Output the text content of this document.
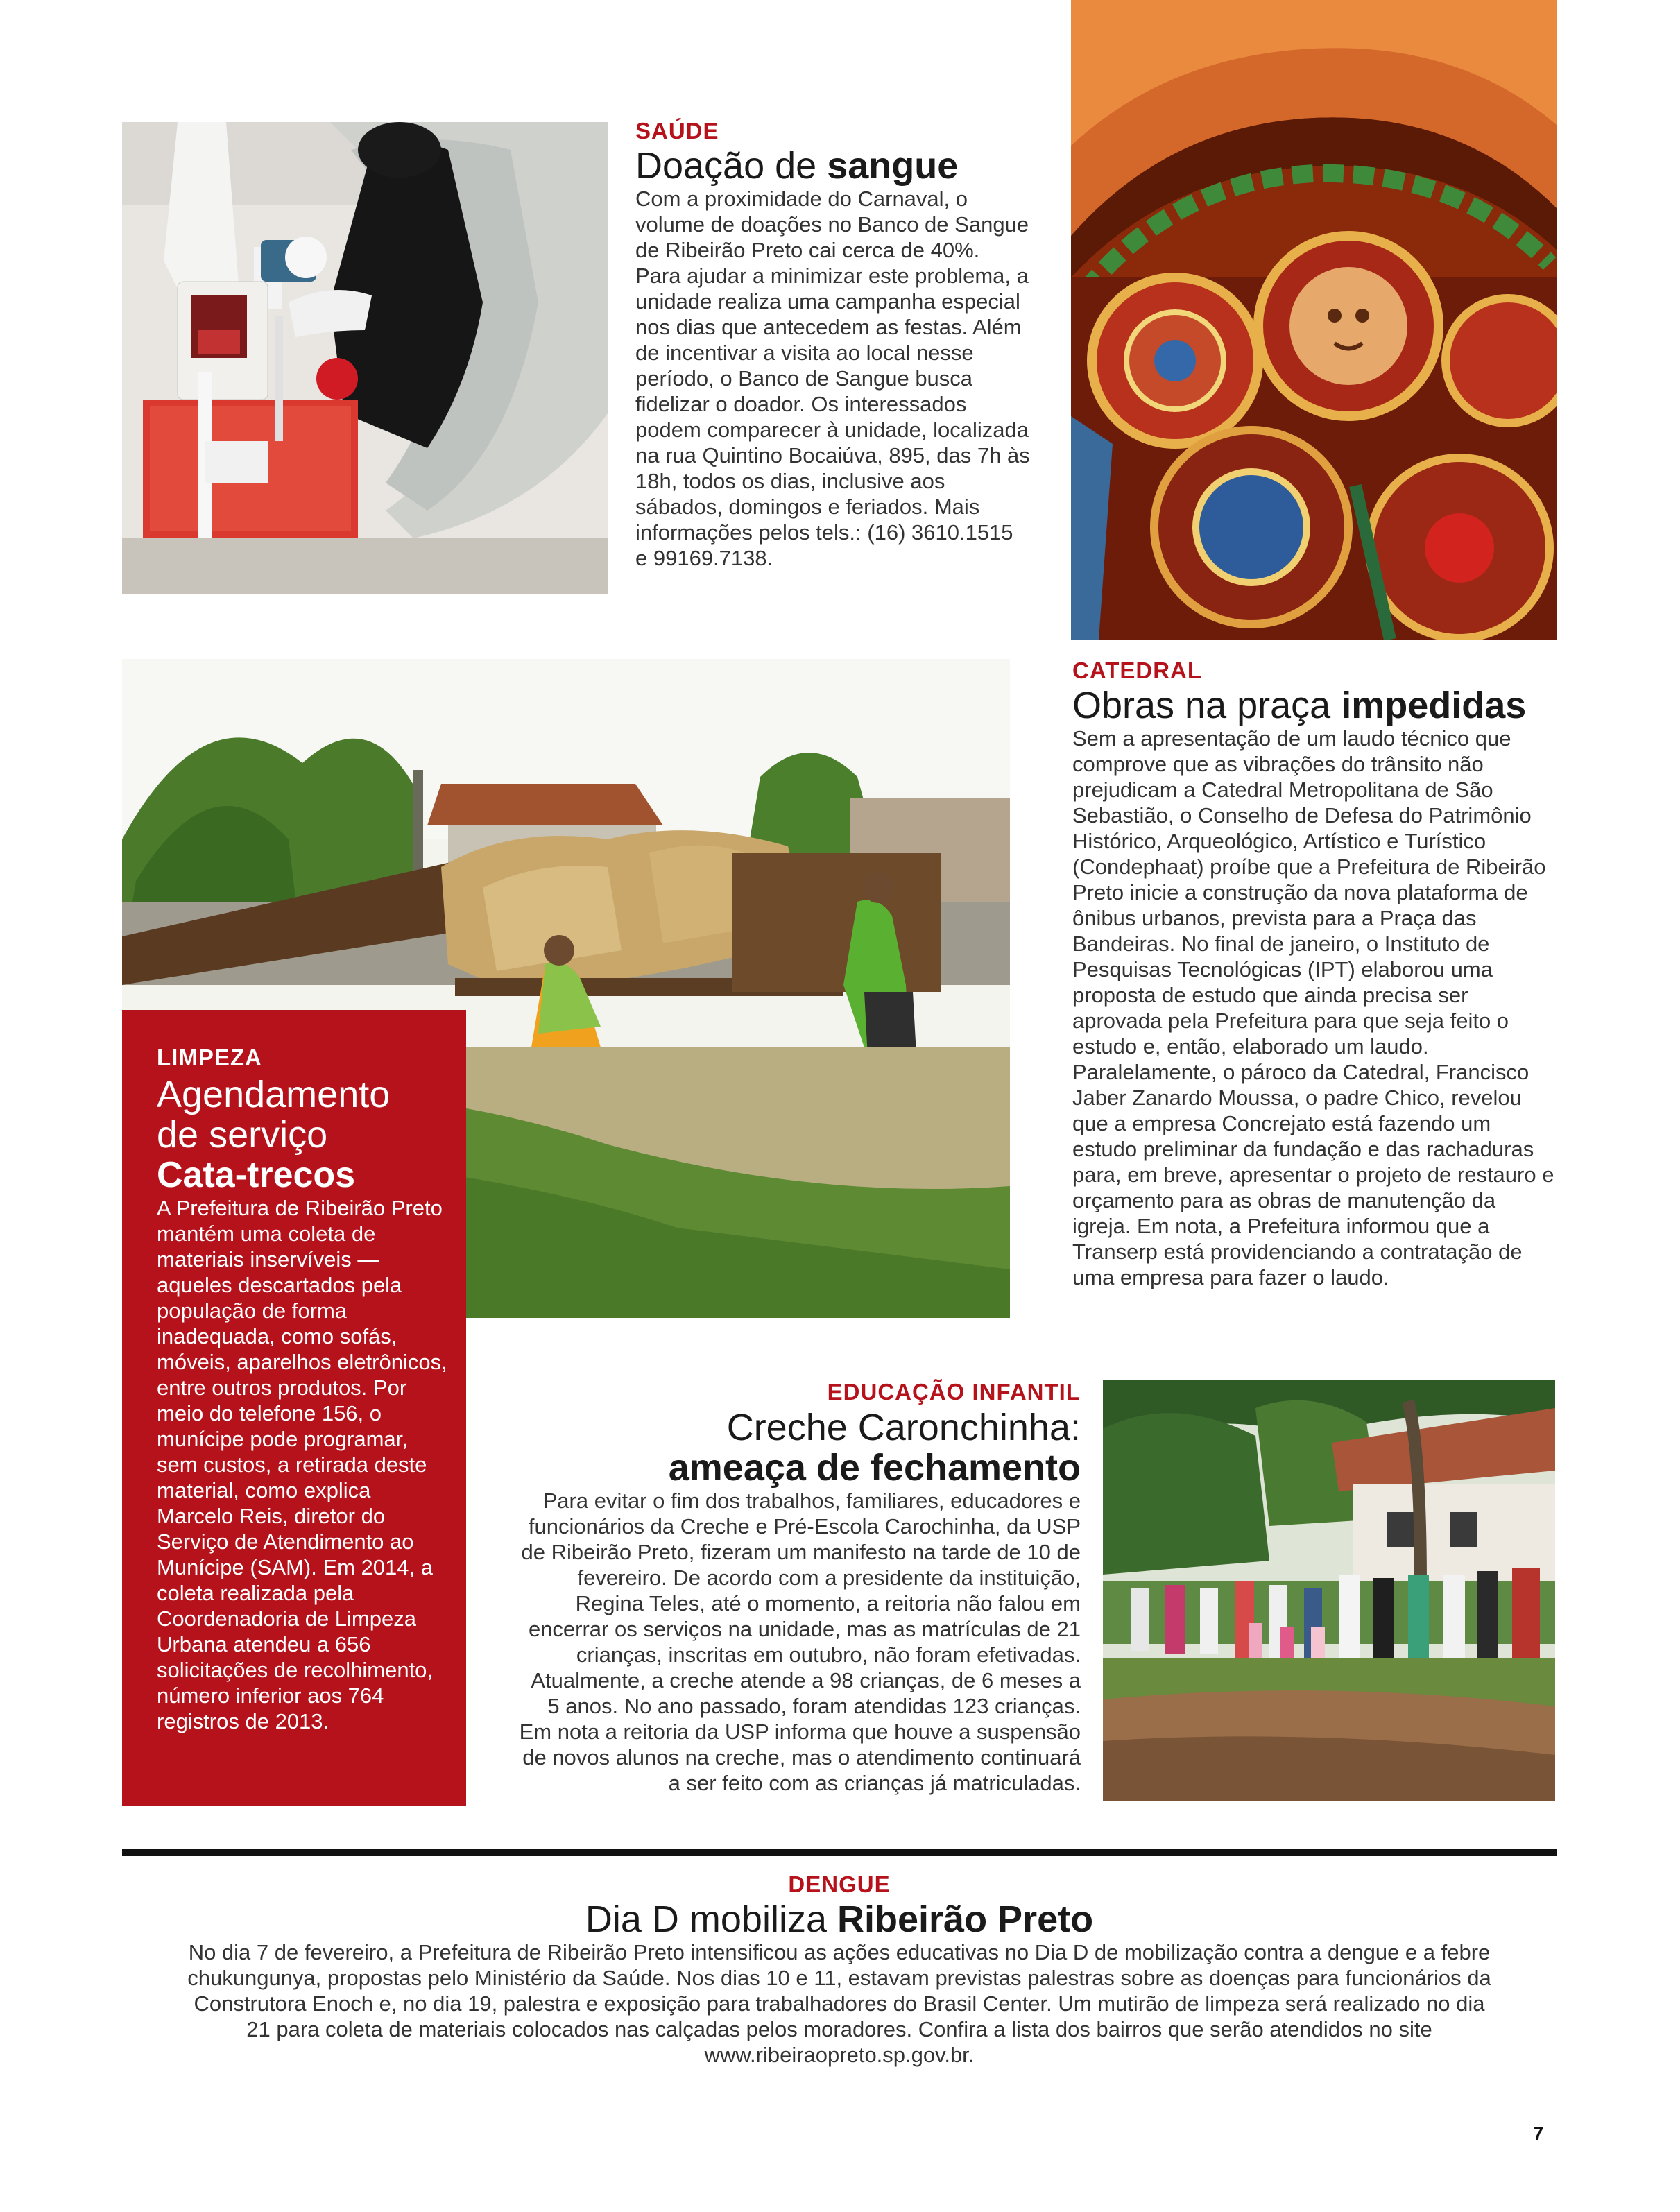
SAÚDE
Doação de sangue
Com a proximidade do Carnaval, o volume de doações no Banco de Sangue de Ribeirão Preto cai cerca de 40%. Para ajudar a minimizar este problema, a unidade realiza uma campanha especial nos dias que antecedem as festas. Além de incentivar a visita ao local nesse período, o Banco de Sangue busca fidelizar o doador. Os interessados podem comparecer à unidade, localizada na rua Quintino Bocaiúva, 895, das 7h às 18h, todos os dias, inclusive aos sábados, domingos e feriados. Mais informações pelos tels.: (16) 3610.1515 e 99169.7138.
CATEDRAL
Obras na praça impedidas
Sem a apresentação de um laudo técnico que comprove que as vibrações do trânsito não prejudicam a Catedral Metropolitana de São Sebastião, o Conselho de Defesa do Patrimônio Histórico, Arqueológico, Artístico e Turístico (Condephaat) proíbe que a Prefeitura de Ribeirão Preto inicie a construção da nova plataforma de ônibus urbanos, prevista para a Praça das Bandeiras. No final de janeiro, o Instituto de Pesquisas Tecnológicas (IPT) elaborou uma proposta de estudo que ainda precisa ser aprovada pela Prefeitura para que seja feito o estudo e, então, elaborado um laudo. Paralelamente, o pároco da Catedral, Francisco Jaber Zanardo Moussa, o padre Chico, revelou que a empresa Concrejato está fazendo um estudo preliminar da fundação e das rachaduras para, em breve, apresentar o projeto de restauro e orçamento para as obras de manutenção da igreja. Em nota, a Prefeitura informou que a Transerp está providenciando a contratação de uma empresa para fazer o laudo.
LIMPEZA
Agendamento
de serviço
Cata-trecos
A Prefeitura de Ribeirão Preto mantém uma coleta de materiais inservíveis — aqueles descartados pela população de forma inadequada, como sofás, móveis, aparelhos eletrônicos, entre outros produtos. Por meio do telefone 156, o munícipe pode programar, sem custos, a retirada deste material, como explica Marcelo Reis, diretor do Serviço de Atendimento ao Munícipe (SAM). Em 2014, a coleta realizada pela Coordenadoria de Limpeza Urbana atendeu a 656 solicitações de recolhimento, número inferior aos 764 registros de 2013.
EDUCAÇÃO INFANTIL
Creche Caronchinha:
ameaça de fechamento
Para evitar o fim dos trabalhos, familiares, educadores e funcionários da Creche e Pré-Escola Carochinha, da USP de Ribeirão Preto, fizeram um manifesto na tarde de 10 de fevereiro. De acordo com a presidente da instituição, Regina Teles, até o momento, a reitoria não falou em encerrar os serviços na unidade, mas as matrículas de 21 crianças, inscritas em outubro, não foram efetivadas. Atualmente, a creche atende a 98 crianças, de 6 meses a 5 anos. No ano passado, foram atendidas 123 crianças. Em nota a reitoria da USP informa que houve a suspensão de novos alunos na creche, mas o atendimento continuará a ser feito com as crianças já matriculadas.
DENGUE
Dia D mobiliza Ribeirão Preto
No dia 7 de fevereiro, a Prefeitura de Ribeirão Preto intensificou as ações educativas no Dia D de mobilização contra a dengue e a febre chukungunya, propostas pelo Ministério da Saúde. Nos dias 10 e 11, estavam previstas palestras sobre as doenças para funcionários da Construtora Enoch e, no dia 19, palestra e exposição para trabalhadores do Brasil Center. Um mutirão de limpeza será realizado no dia 21 para coleta de materiais colocados nas calçadas pelos moradores. Confira a lista dos bairros que serão atendidos no site www.ribeiraopreto.sp.gov.br.
7
